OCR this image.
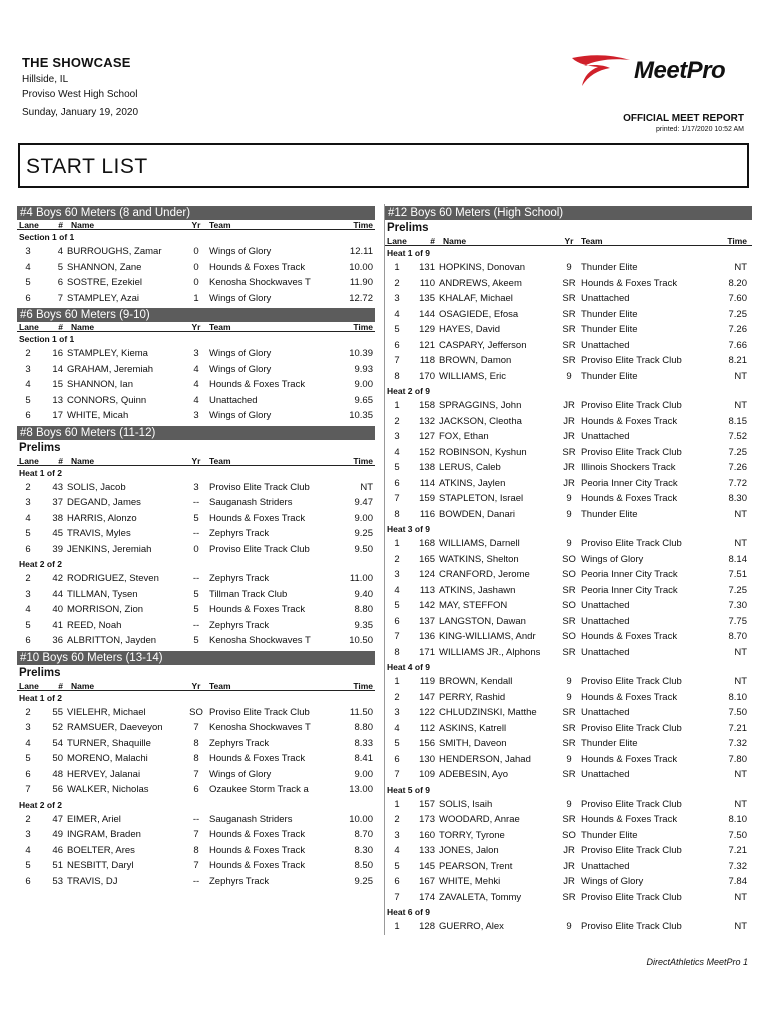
THE SHOWCASE
Hillside, IL
Proviso West High School
Sunday, January 19, 2020
MeetPro
OFFICIAL MEET REPORT
printed: 1/17/2020 10:52 AM
START LIST
#4 Boys 60 Meters (8 and Under)
Lane	# Name	Yr	Team	Time
Section 1 of 1
3	4 BURROUGHS, Zamar	0	Wings of Glory	12.11
4	5 SHANNON, Zane	0	Hounds & Foxes Track	10.00
5	6 SOSTRE, Ezekiel	0	Kenosha Shockwaves T	11.90
6	7 STAMPLEY, Azai	1	Wings of Glory	12.72
#6 Boys 60 Meters (9-10)
Lane	# Name	Yr	Team	Time
Section 1 of 1
2	16 STAMPLEY, Kiema	3	Wings of Glory	10.39
3	14 GRAHAM, Jeremiah	4	Wings of Glory	9.93
4	15 SHANNON, Ian	4	Hounds & Foxes Track	9.00
5	13 CONNORS, Quinn	4	Unattached	9.65
6	17 WHITE, Micah	3	Wings of Glory	10.35
#8 Boys 60 Meters (11-12)
Prelims
Lane	# Name	Yr	Team	Time
Heat 1 of 2
2	43 SOLIS, Jacob	3	Proviso Elite Track Club	NT
3	37 DEGAND, James	--	Sauganash Striders	9.47
4	38 HARRIS, Alonzo	5	Hounds & Foxes Track	9.00
5	45 TRAVIS, Myles	--	Zephyrs Track	9.25
6	39 JENKINS, Jeremiah	0	Proviso Elite Track Club	9.50
Heat 2 of 2
2	42 RODRIGUEZ, Steven	--	Zephyrs Track	11.00
3	44 TILLMAN, Tysen	5	Tillman Track Club	9.40
4	40 MORRISON, Zion	5	Hounds & Foxes Track	8.80
5	41 REED, Noah	--	Zephyrs Track	9.35
6	36 ALBRITTON, Jayden	5	Kenosha Shockwaves T	10.50
#10 Boys 60 Meters (13-14)
Prelims
Lane	# Name	Yr	Team	Time
Heat 1 of 2
2	55 VIELEHR, Michael	SO Proviso Elite Track Club	11.50
3	52 RAMSUER, Daeveyon	7	Kenosha Shockwaves T	8.80
4	54 TURNER, Shaquille	8	Zephyrs Track	8.33
5	50 MORENO, Malachi	8	Hounds & Foxes Track	8.41
6	48 HERVEY, Jalanai	7	Wings of Glory	9.00
7	56 WALKER, Nicholas	6	Ozaukee Storm Track a	13.00
Heat 2 of 2
2	47 EIMER, Ariel	--	Sauganash Striders	10.00
3	49 INGRAM, Braden	7	Hounds & Foxes Track	8.70
4	46 BOELTER, Ares	8	Hounds & Foxes Track	8.30
5	51 NESBITT, Daryl	7	Hounds & Foxes Track	8.50
6	53 TRAVIS, DJ	--	Zephyrs Track	9.25
#12 Boys 60 Meters (High School)
Prelims
Lane	# Name	Yr Team	Time
Heat 1 of 9
1	131 HOPKINS, Donovan	9 Thunder Elite	NT
2	110 ANDREWS, Akeem	SR Hounds & Foxes Track	8.20
3	135 KHALAF, Michael	SR Unattached	7.60
4	144 OSAGIEDE, Efosa	SR Thunder Elite	7.25
5	129 HAYES, David	SR Thunder Elite	7.26
6	121 CASPARY, Jefferson	SR Unattached	7.66
7	118 BROWN, Damon	SR Proviso Elite Track Club	8.21
8	170 WILLIAMS, Eric	9 Thunder Elite	NT
Heat 2 of 9
1	158 SPRAGGINS, John	JR Proviso Elite Track Club	NT
2	132 JACKSON, Cleotha	JR Hounds & Foxes Track	8.15
3	127 FOX, Ethan	JR Unattached	7.52
4	152 ROBINSON, Kyshun	SR Proviso Elite Track Club	7.25
5	138 LERUS, Caleb	JR Illinois Shockers Track	7.26
6	114 ATKINS, Jaylen	JR Peoria Inner City Track	7.72
7	159 STAPLETON, Israel	9 Hounds & Foxes Track	8.30
8	116 BOWDEN, Danari	9 Thunder Elite	NT
Heat 3 of 9
1	168 WILLIAMS, Darnell	9 Proviso Elite Track Club	NT
2	165 WATKINS, Shelton	SO Wings of Glory	8.14
3	124 CRANFORD, Jerome	SO Peoria Inner City Track	7.51
4	113 ATKINS, Jashawn	SR Peoria Inner City Track	7.25
5	142 MAY, STEFFON	SO Unattached	7.30
6	137 LANGSTON, Dawan	SR Unattached	7.75
7	136 KING-WILLIAMS, Andr	SO Hounds & Foxes Track	8.70
8	171 WILLIAMS JR., Alphons	SR Unattached	NT
Heat 4 of 9
1	119 BROWN, Kendall	9 Proviso Elite Track Club	NT
2	147 PERRY, Rashid	9 Hounds & Foxes Track	8.10
3	122 CHLUDZINSKI, Matthe	SR Unattached	7.50
4	112 ASKINS, Katrell	SR Proviso Elite Track Club	7.21
5	156 SMITH, Daveon	SR Thunder Elite	7.32
6	130 HENDERSON, Jahad	9 Hounds & Foxes Track	7.80
7	109 ADEBESIN, Ayo	SR Unattached	NT
Heat 5 of 9
1	157 SOLIS, Isaih	9 Proviso Elite Track Club	NT
2	173 WOODARD, Anrae	SR Hounds & Foxes Track	8.10
3	160 TORRY, Tyrone	SO Thunder Elite	7.50
4	133 JONES, Jalon	JR Proviso Elite Track Club	7.21
5	145 PEARSON, Trent	JR Unattached	7.32
6	167 WHITE, Mehki	JR Wings of Glory	7.84
7	174 ZAVALETA, Tommy	SR Proviso Elite Track Club	NT
Heat 6 of 9
1	128 GUERRO, Alex	9 Proviso Elite Track Club	NT
DirectAthletics MeetPro 1
